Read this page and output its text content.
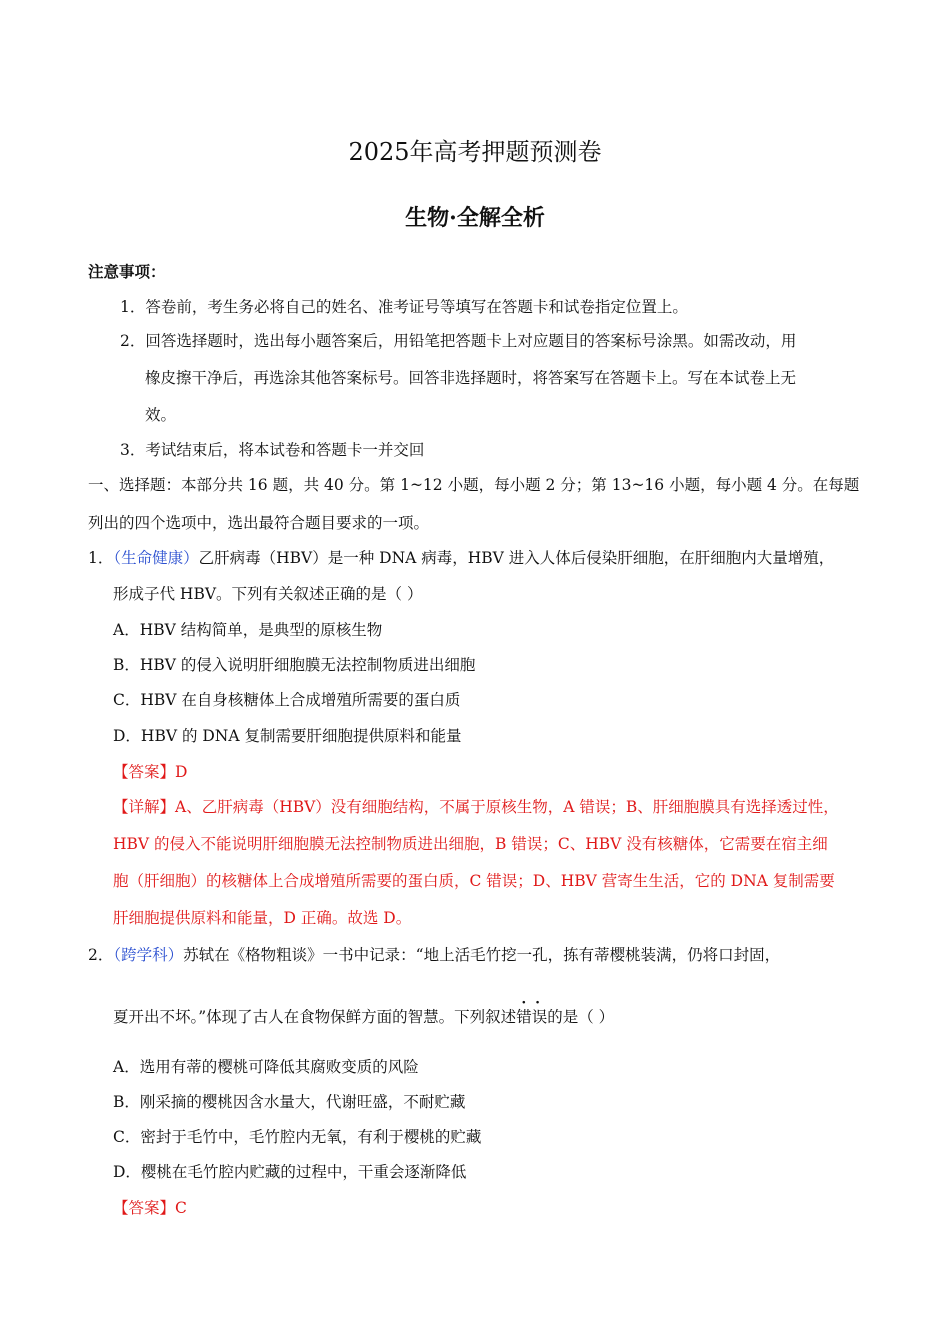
2025年高考押题预测卷
生物·全解全析
注意事项：
1．答卷前，考生务必将自己的姓名、准考证号等填写在答题卡和试卷指定位置上。
2．回答选择题时，选出每小题答案后，用铅笔把答题卡上对应题目的答案标号涂黑。如需改动，用
橡皮擦干净后，再选涂其他答案标号。回答非选择题时，将答案写在答题卡上。写在本试卷上无
效。
3．考试结束后，将本试卷和答题卡一并交回
一、选择题：本部分共 16 题，共 40 分。第 1~12 小题，每小题 2 分；第 13~16 小题，每小题 4 分。在每题
列出的四个选项中，选出最符合题目要求的一项。
1．（生命健康）乙肝病毒（HBV）是一种 DNA 病毒，HBV 进入人体后侵染肝细胞，在肝细胞内大量增殖，
形成子代 HBV。下列有关叙述正确的是（ ）
A．HBV 结构简单，是典型的原核生物
B．HBV 的侵入说明肝细胞膜无法控制物质进出细胞
C．HBV 在自身核糖体上合成增殖所需要的蛋白质
D．HBV 的 DNA 复制需要肝细胞提供原料和能量
【答案】D
【详解】A、乙肝病毒（HBV）没有细胞结构，不属于原核生物，A 错误；B、肝细胞膜具有选择透过性，
HBV 的侵入不能说明肝细胞膜无法控制物质进出细胞，B 错误；C、HBV 没有核糖体，它需要在宿主细
胞（肝细胞）的核糖体上合成增殖所需要的蛋白质，C 错误；D、HBV 营寄生生活，它的 DNA 复制需要
肝细胞提供原料和能量，D 正确。故选 D。
2．（跨学科）苏轼在《格物粗谈》一书中记录：“地上活毛竹挖一孔，拣有蒂樱桃装满，仍将口封固，
夏开出不坏。”体现了古人在食物保鲜方面的智慧。下列叙述· · 错误的是（ ）
A．选用有蒂的樱桃可降低其腐败变质的风险
B．刚采摘的樱桃因含水量大，代谢旺盛，不耐贮藏
C．密封于毛竹中，毛竹腔内无氧，有利于樱桃的贮藏
D．樱桃在毛竹腔内贮藏的过程中，干重会逐渐降低
【答案】C
